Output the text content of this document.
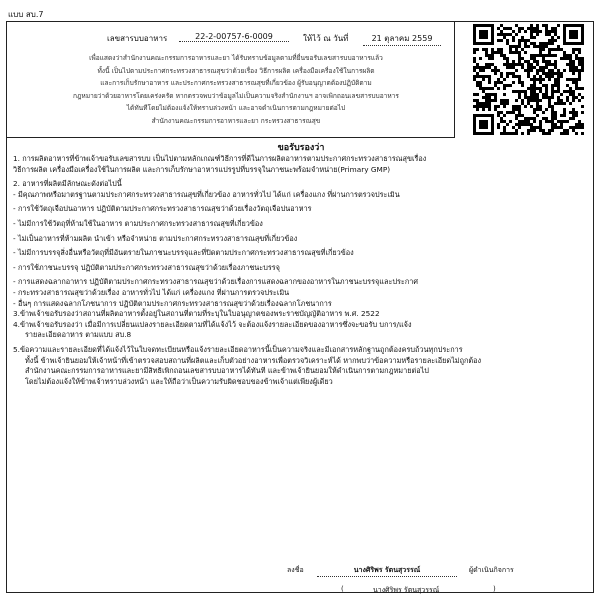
แบบ สบ.7
เลขสารบบอาหาร	22-2-00757-6-0009	ให้ไว้ ณ วันที่	21 ตุลาคม 2559
เพื่อแสดงว่าสำนักงานคณะกรรมการอาหารและยา ได้รับทราบข้อมูลตามที่ยื่นขอรับเลขสารบบอาหารแล้ว
ทั้งนี้ เป็นไปตามประกาศกระทรวงสาธารณสุขว่าด้วยเรื่อง วิธีการผลิต เครื่องมือเครื่องใช้ในการผลิต
และการเก็บรักษาอาหาร และประกาศกระทรวงสาธารณสุขที่เกี่ยวข้อง ผู้รับอนุญาตต้องปฏิบัติตาม
กฎหมายว่าด้วยอาหารโดยเคร่งครัด หากตรวจพบว่าข้อมูลไม่เป็นความจริงสำนักงานฯ อาจเพิกถอนเลขสารบบอาหาร
ได้ทันทีโดยไม่ต้องแจ้งให้ทราบล่วงหน้า และอาจดำเนินการตามกฎหมายต่อไป
สำนักงานคณะกรรมการอาหารและยา กระทรวงสาธารณสุข
ขอรับรองว่า

1. การผลิตอาหารที่ข้าพเจ้าขอรับเลขสารบบ เป็นไปตามหลักเกณฑ์วิธีการที่ดีในการผลิตอาหารตามประกาศกระทรวงสาธารณสุขเรื่อง

วิธีการผลิต เครื่องมือเครื่องใช้ในการผลิต และการเก็บรักษาอาหารแปรรูปที่บรรจุในภาชนะพร้อมจำหน่าย(Primary GMP)

2. อาหารที่ผลิตมีลักษณะดังต่อไปนี้

- มีคุณภาพหรือมาตรฐานตามประกาศกระทรวงสาธารณสุขที่เกี่ยวข้อง อาหารทั่วไป ได้แก่ เครื่องแกง ที่ผ่านการตรวจประเมิน

- การใช้วัตถุเจือปนอาหาร ปฏิบัติตามประกาศกระทรวงสาธารณสุขว่าด้วยเรื่องวัตถุเจือปนอาหาร

- ไม่มีการใช้วัตถุที่ห้ามใช้ในอาหาร ตามประกาศกระทรวงสาธารณสุขที่เกี่ยวข้อง

- ไม่เป็นอาหารที่ห้ามผลิต นำเข้า หรือจำหน่าย ตามประกาศกระทรวงสาธารณสุขที่เกี่ยวข้อง

- ไม่มีการบรรจุสิ่งอื่นหรือวัตถุที่มีอันตรายในภาชนะบรรจุและที่ปิดตามประกาศกระทรวงสาธารณสุขที่เกี่ยวข้อง

- การใช้ภาชนะบรรจุ ปฏิบัติตามประกาศกระทรวงสาธารณสุขว่าด้วยเรื่องภาชนะบรรจุ

- การแสดงฉลากอาหาร ปฏิบัติตามประกาศกระทรวงสาธารณสุขว่าด้วยเรื่องการแสดงฉลากของอาหารในภาชนะบรรจุและประกาศ

- กระทรวงสาธารณสุขว่าด้วยเรื่อง อาหารทั่วไป ได้แก่ เครื่องแกง ที่ผ่านการตรวจประเมิน

- อื่นๆ การแสดงฉลากโภชนาการ ปฏิบัติตามประกาศกระทรวงสาธารณสุขว่าด้วยเรื่องฉลากโภชนาการ

3.ข้าพเจ้าขอรับรองว่าสถานที่ผลิตอาหารตั้งอยู่ในสถานที่ตามที่ระบุในใบอนุญาตของพระราชบัญญัติอาหาร พ.ศ. 2522

4.ข้าพเจ้าขอรับรองว่า เมื่อมีการเปลี่ยนแปลงรายละเอียดตามที่ได้แจ้งไว้ จะต้องแจ้งรายละเอียดของอาหารซึ่งจะขอรับ บการ/แจ้ง

รายละเอียดอาหาร ตามแบบ สบ.8

5.ข้อความและรายละเอียดที่ได้แจ้งไว้ในใบจดทะเบียนหรือแจ้งรายละเอียดอาหารนี้เป็นความจริงและมีเอกสารหลักฐานถูกต้องครบถ้วนทุกประการ

ทั้งนี้ ข้าพเจ้ายินยอมให้เจ้าหน้าที่เข้าตรวจสอบสถานที่ผลิตและเก็บตัวอย่างอาหารเพื่อตรวจวิเคราะห์ได้ หากพบว่าข้อความหรือรายละเอียดไม่ถูกต้อง

สำนักงานคณะกรรมการอาหารและยามีสิทธิเพิกถอนเลขสารบบอาหารได้ทันที และข้าพเจ้ายินยอมให้ดำเนินการตามกฎหมายต่อไป

โดยไม่ต้องแจ้งให้ข้าพเจ้าทราบล่วงหน้า และให้ถือว่าเป็นความรับผิดชอบของข้าพเจ้าแต่เพียงผู้เดียว

ลงชื่อ	นางศิริพร รัตนสุวรรณ์	ผู้ดำเนินกิจการ
(	นางศิริพร รัตนสุวรรณ์	)
